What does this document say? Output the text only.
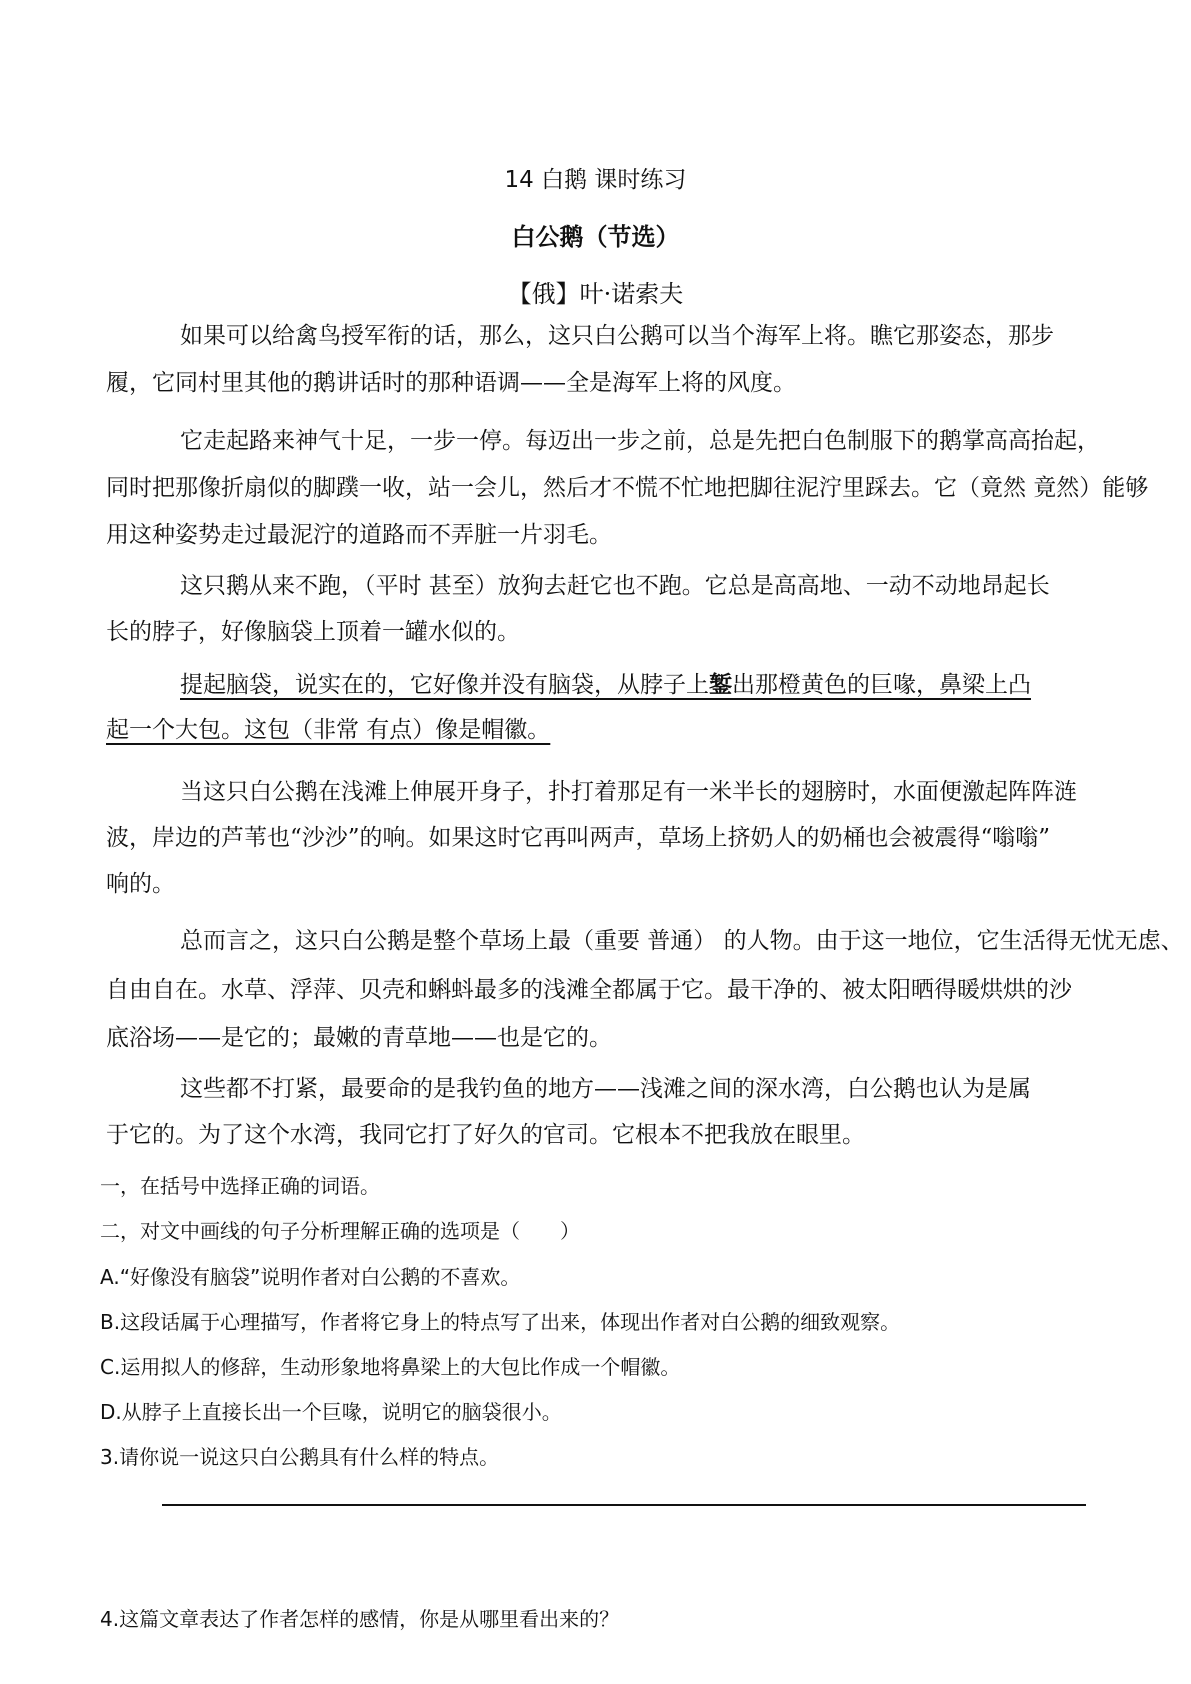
14 白鹅 课时练习
白公鹅（节选）
【俄】叶·诺索夫
如果可以给禽鸟授军衔的话，那么，这只白公鹅可以当个海军上将。瞧它那姿态，那步
履，它同村里其他的鹅讲话时的那种语调——全是海军上将的风度。
它走起路来神气十足，一步一停。每迈出一步之前，总是先把白色制服下的鹅掌高高抬起，
同时把那像折扇似的脚蹼一收，站一会儿，然后才不慌不忙地把脚往泥泞里踩去。它（竟然 竟然）能够
用这种姿势走过最泥泞的道路而不弄脏一片羽毛。
这只鹅从来不跑，（平时 甚至）放狗去赶它也不跑。它总是高高地、一动不动地昂起长
长的脖子，好像脑袋上顶着一罐水似的。
提起脑袋，说实在的，它好像并没有脑袋，从脖子上錾出那橙黄色的巨喙，鼻梁上凸
起一个大包。这包（非常 有点）像是帽徽。
当这只白公鹅在浅滩上伸展开身子，扑打着那足有一米半长的翅膀时，水面便激起阵阵涟
波，岸边的芦苇也“沙沙”的响。如果这时它再叫两声，草场上挤奶人的奶桶也会被震得“嗡嗡”
响的。
总而言之，这只白公鹅是整个草场上最（重要 普通） 的人物。由于这一地位，它生活得无忧无虑、
自由自在。水草、浮萍、贝壳和蝌蚪最多的浅滩全都属于它。最干净的、被太阳晒得暖烘烘的沙
底浴场——是它的；最嫩的青草地——也是它的。
这些都不打紧，最要命的是我钓鱼的地方——浅滩之间的深水湾，白公鹅也认为是属
于它的。为了这个水湾，我同它打了好久的官司。它根本不把我放在眼里。
一，在括号中选择正确的词语。
二，对文中画线的句子分析理解正确的选项是（　　）
A.“好像没有脑袋”说明作者对白公鹅的不喜欢。
B.这段话属于心理描写，作者将它身上的特点写了出来，体现出作者对白公鹅的细致观察。
C.运用拟人的修辞，生动形象地将鼻梁上的大包比作成一个帽徽。
D.从脖子上直接长出一个巨喙，说明它的脑袋很小。
3.请你说一说这只白公鹅具有什么样的特点。
4.这篇文章表达了作者怎样的感情，你是从哪里看出来的？
